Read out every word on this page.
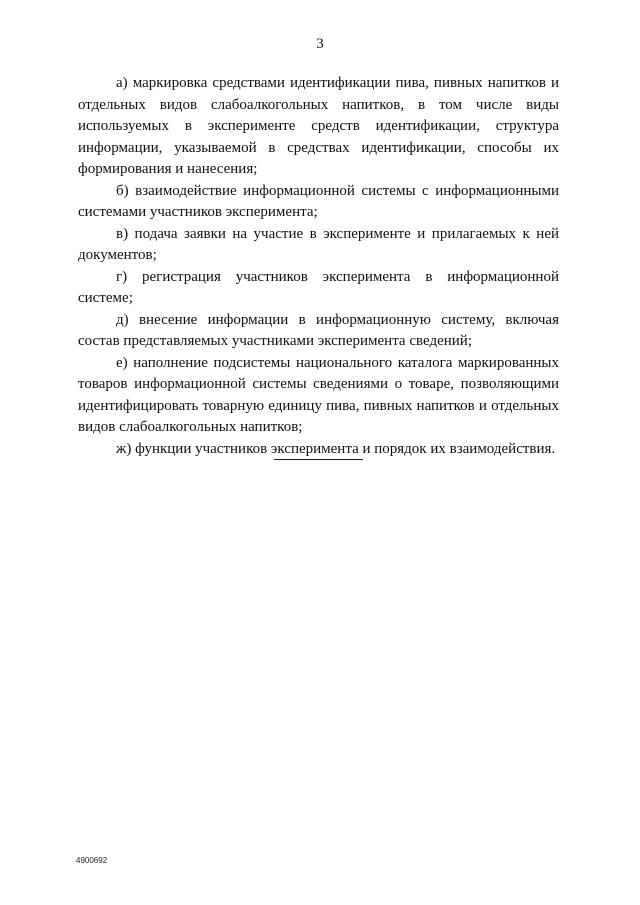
3

а) маркировка средствами идентификации пива, пивных напитков и отдельных видов слабоалкогольных напитков, в том числе виды используемых в эксперименте средств идентификации, структура информации, указываемой в средствах идентификации, способы их формирования и нанесения;

б) взаимодействие информационной системы с информационными системами участников эксперимента;

в) подача заявки на участие в эксперименте и прилагаемых к ней документов;

г) регистрация участников эксперимента в информационной системе;

д) внесение информации в информационную систему, включая состав представляемых участниками эксперимента сведений;

е) наполнение подсистемы национального каталога маркированных товаров информационной системы сведениями о товаре, позволяющими идентифицировать товарную единицу пива, пивных напитков и отдельных видов слабоалкогольных напитков;

ж) функции участников эксперимента и порядок их взаимодействия.

4900692
